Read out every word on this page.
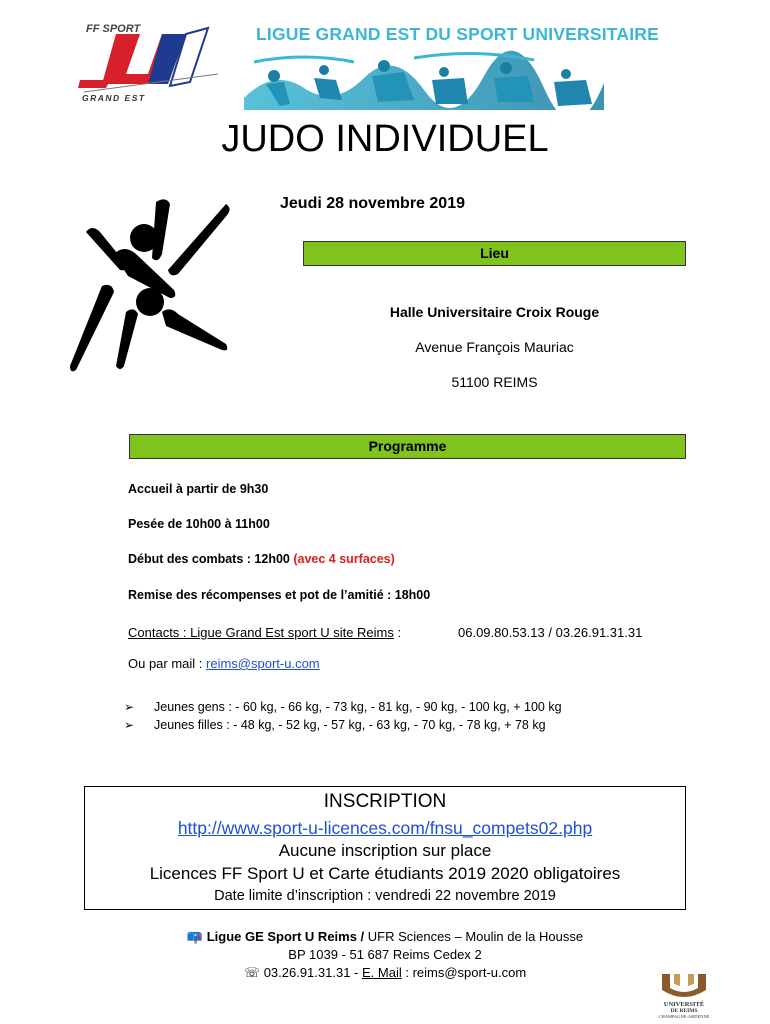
FF SPORT
GRAND EST
LIGUE GRAND EST DU SPORT UNIVERSITAIRE
JUDO INDIVIDUEL
Jeudi 28 novembre 2019
Lieu
Halle Universitaire Croix Rouge
Avenue François Mauriac
51100 REIMS
Programme
Accueil à partir de 9h30
Pesée de 10h00 à 11h00
Début des combats : 12h00 (avec 4 surfaces)
Remise des récompenses et pot de l’amitié : 18h00
Contacts : Ligue Grand Est sport U site Reims :	06.09.80.53.13 / 03.26.91.31.31
Ou par mail : reims@sport-u.com
➢	Jeunes gens : - 60 kg, - 66 kg, - 73 kg, - 81 kg, - 90 kg, - 100 kg, + 100 kg
➢	Jeunes filles : - 48 kg, - 52 kg, - 57 kg, - 63 kg, - 70 kg, - 78 kg, + 78 kg
INSCRIPTION
http://www.sport-u-licences.com/fnsu_compets02.php
Aucune inscription sur place
Licences FF Sport U et Carte étudiants 2019 2020 obligatoires
Date limite d’inscription : vendredi 22 novembre 2019
📪 Ligue GE Sport U Reims / UFR Sciences – Moulin de la Housse
BP 1039 - 51 687 Reims Cedex 2
☏ 03.26.91.31.31 - E. Mail : reims@sport-u.com
UNIVERSITÉ
DE REIMS
CHAMPAGNE-ARDENNE
